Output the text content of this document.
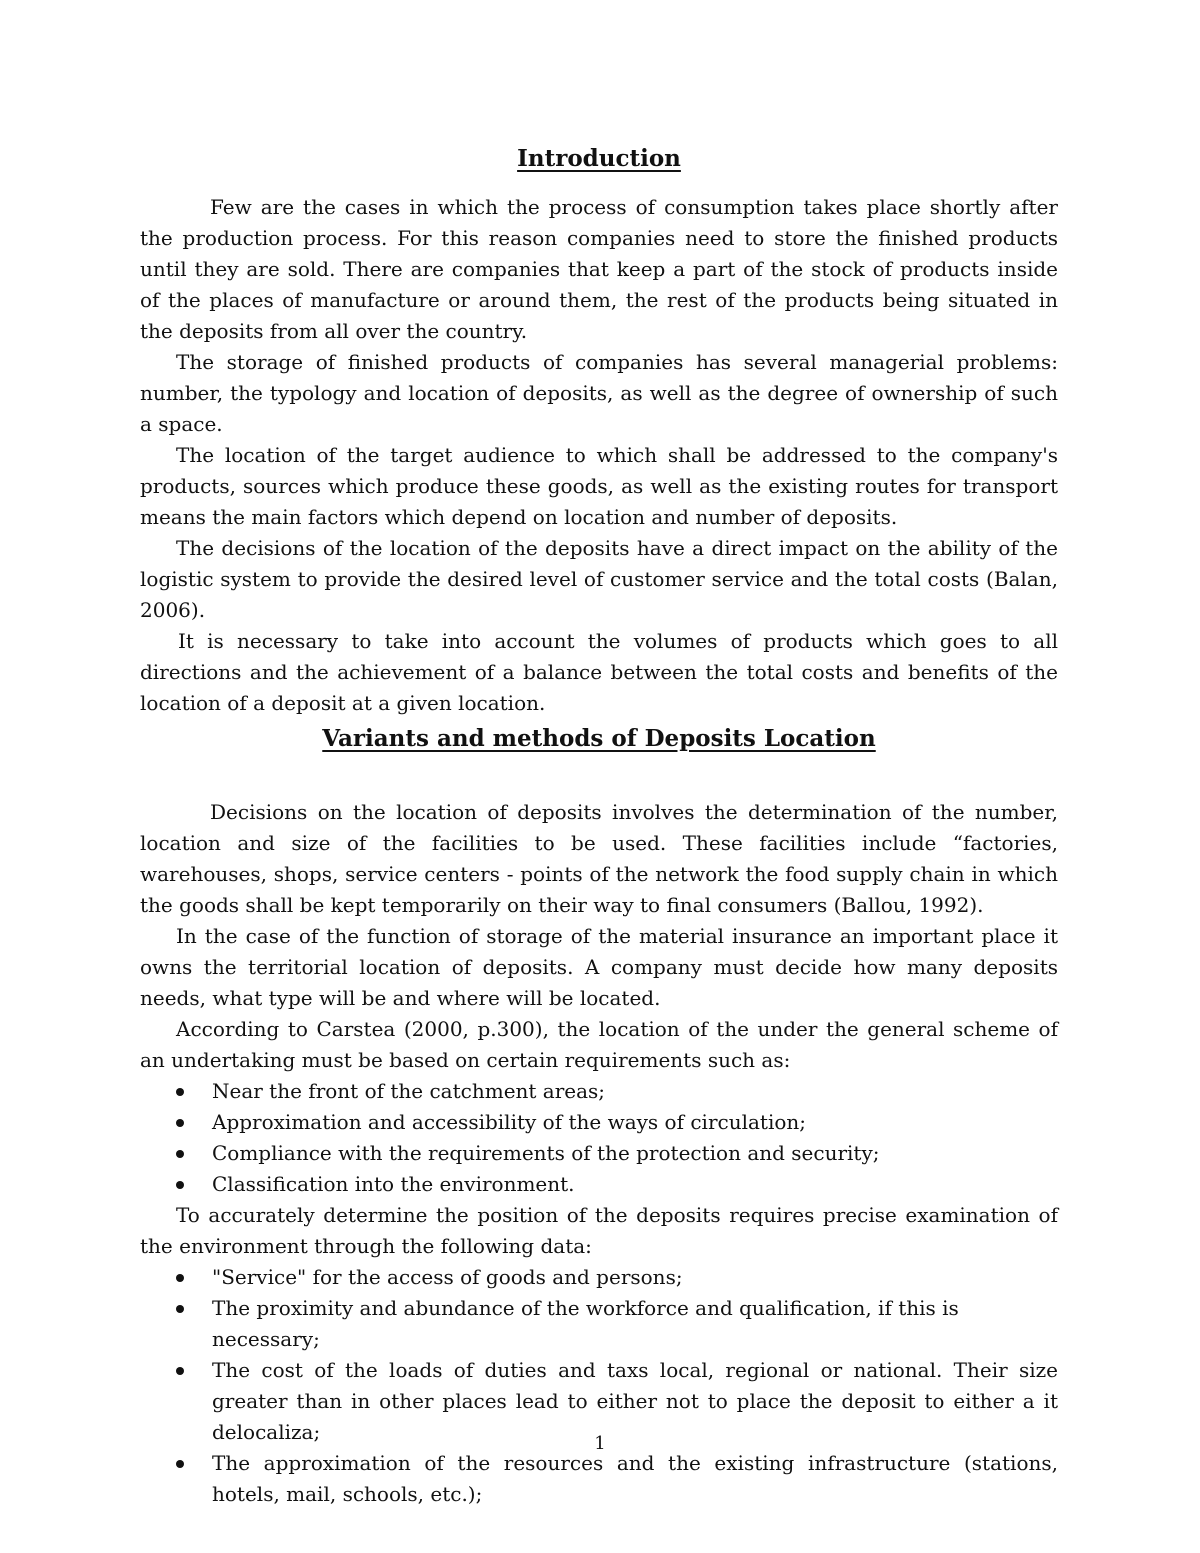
Introduction

Few are the cases in which the process of consumption takes place shortly after the production process. For this reason companies need to store the finished products until they are sold. There are companies that keep a part of the stock of products inside of the places of manufacture or around them, the rest of the products being situated in the deposits from all over the country.

The storage of finished products of companies has several managerial problems: number, the typology and location of deposits, as well as the degree of ownership of such a space.

The location of the target audience to which shall be addressed to the company's products, sources which produce these goods, as well as the existing routes for transport means the main factors which depend on location and number of deposits.

The decisions of the location of the deposits have a direct impact on the ability of the logistic system to provide the desired level of customer service and the total costs (Balan, 2006).

It is necessary to take into account the volumes of products which goes to all directions and the achievement of a balance between the total costs and benefits of the location of a deposit at a given location.

Variants and methods of Deposits Location

Decisions on the location of deposits involves the determination of the number, location and size of the facilities to be used. These facilities include “factories, warehouses, shops, service centers - points of the network the food supply chain in which the goods shall be kept temporarily on their way to final consumers (Ballou, 1992).

In the case of the function of storage of the material insurance an important place it owns the territorial location of deposits. A company must decide how many deposits needs, what type will be and where will be located.

According to Carstea (2000, p.300), the location of the under the general scheme of an undertaking must be based on certain requirements such as:

Near the front of the catchment areas;
Approximation and accessibility of the ways of circulation;
Compliance with the requirements of the protection and security;
Classification into the environment.

To accurately determine the position of the deposits requires precise examination of the environment through the following data:

"Service" for the access of goods and persons;
The proximity and abundance of the workforce and qualification, if this is necessary;
The cost of the loads of duties and taxs local, regional or national. Their size greater than in other places lead to either not to place the deposit to either a it delocaliza;
The approximation of the resources and the existing infrastructure (stations, hotels, mail, schools, etc.);
1
